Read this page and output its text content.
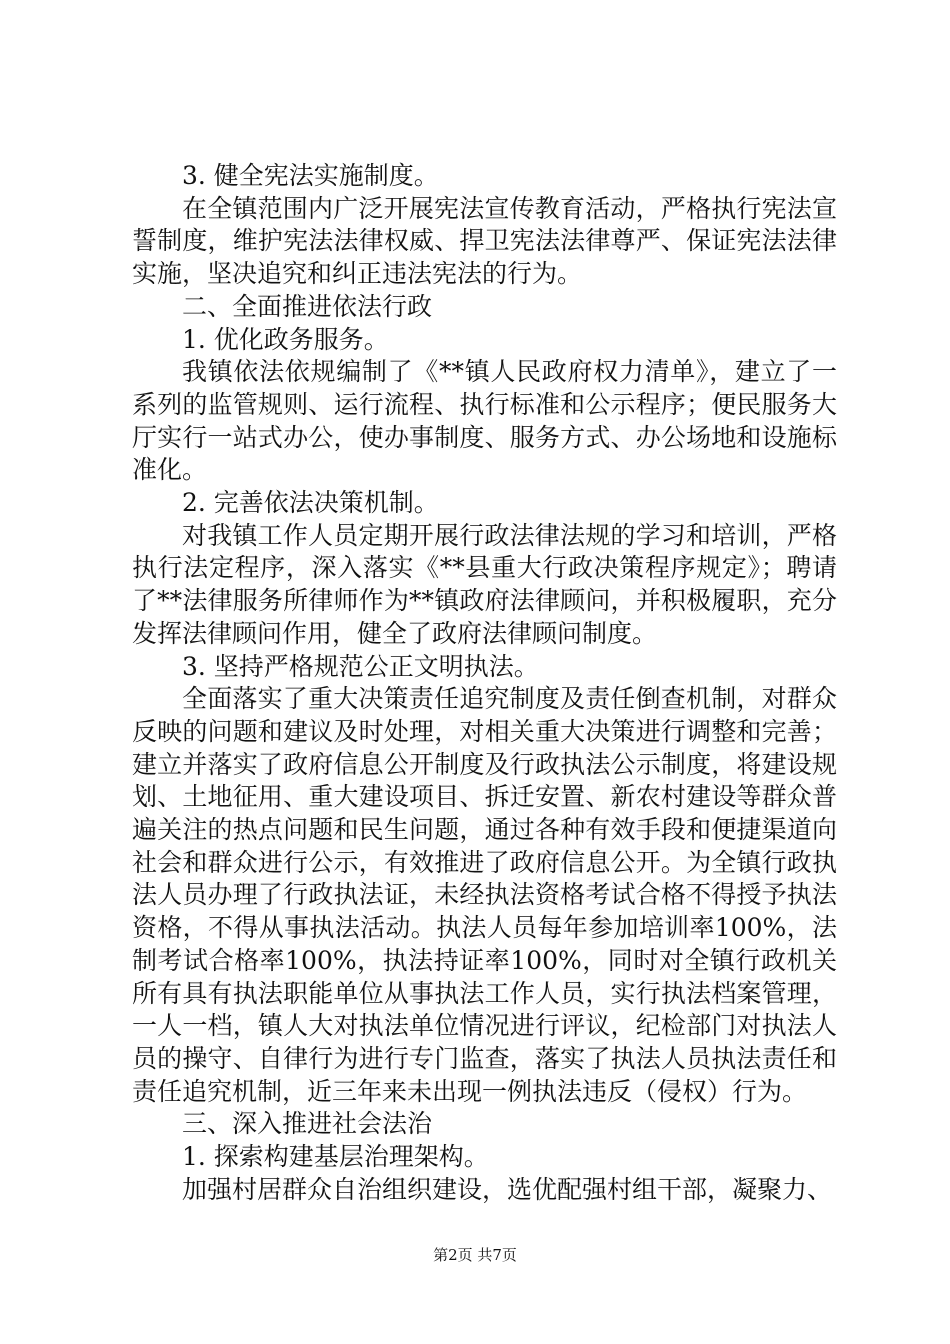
3. 健全宪法实施制度。

在全镇范围内广泛开展宪法宣传教育活动，严格执行宪法宣誓制度，维护宪法法律权威、捍卫宪法法律尊严、保证宪法法律实施，坚决追究和纠正违法宪法的行为。

二、全面推进依法行政

1. 优化政务服务。

我镇依法依规编制了《**镇人民政府权力清单》，建立了一系列的监管规则、运行流程、执行标准和公示程序；便民服务大厅实行一站式办公，使办事制度、服务方式、办公场地和设施标准化。

2. 完善依法决策机制。

对我镇工作人员定期开展行政法律法规的学习和培训，严格执行法定程序，深入落实《**县重大行政决策程序规定》；聘请了**法律服务所律师作为**镇政府法律顾问，并积极履职，充分发挥法律顾问作用，健全了政府法律顾问制度。

3. 坚持严格规范公正文明执法。

全面落实了重大决策责任追究制度及责任倒查机制，对群众反映的问题和建议及时处理，对相关重大决策进行调整和完善；建立并落实了政府信息公开制度及行政执法公示制度，将建设规划、土地征用、重大建设项目、拆迁安置、新农村建设等群众普遍关注的热点问题和民生问题，通过各种有效手段和便捷渠道向社会和群众进行公示，有效推进了政府信息公开。为全镇行政执法人员办理了行政执法证，未经执法资格考试合格不得授予执法资格，不得从事执法活动。执法人员每年参加培训率100%，法制考试合格率100%，执法持证率100%，同时对全镇行政机关所有具有执法职能单位从事执法工作人员，实行执法档案管理，一人一档，镇人大对执法单位情况进行评议，纪检部门对执法人员的操守、自律行为进行专门监查，落实了执法人员执法责任和责任追究机制，近三年来未出现一例执法违反（侵权）行为。

三、深入推进社会法治

1. 探索构建基层治理架构。

加强村居群众自治组织建设，选优配强村组干部，凝聚力、

第2页 共7页
